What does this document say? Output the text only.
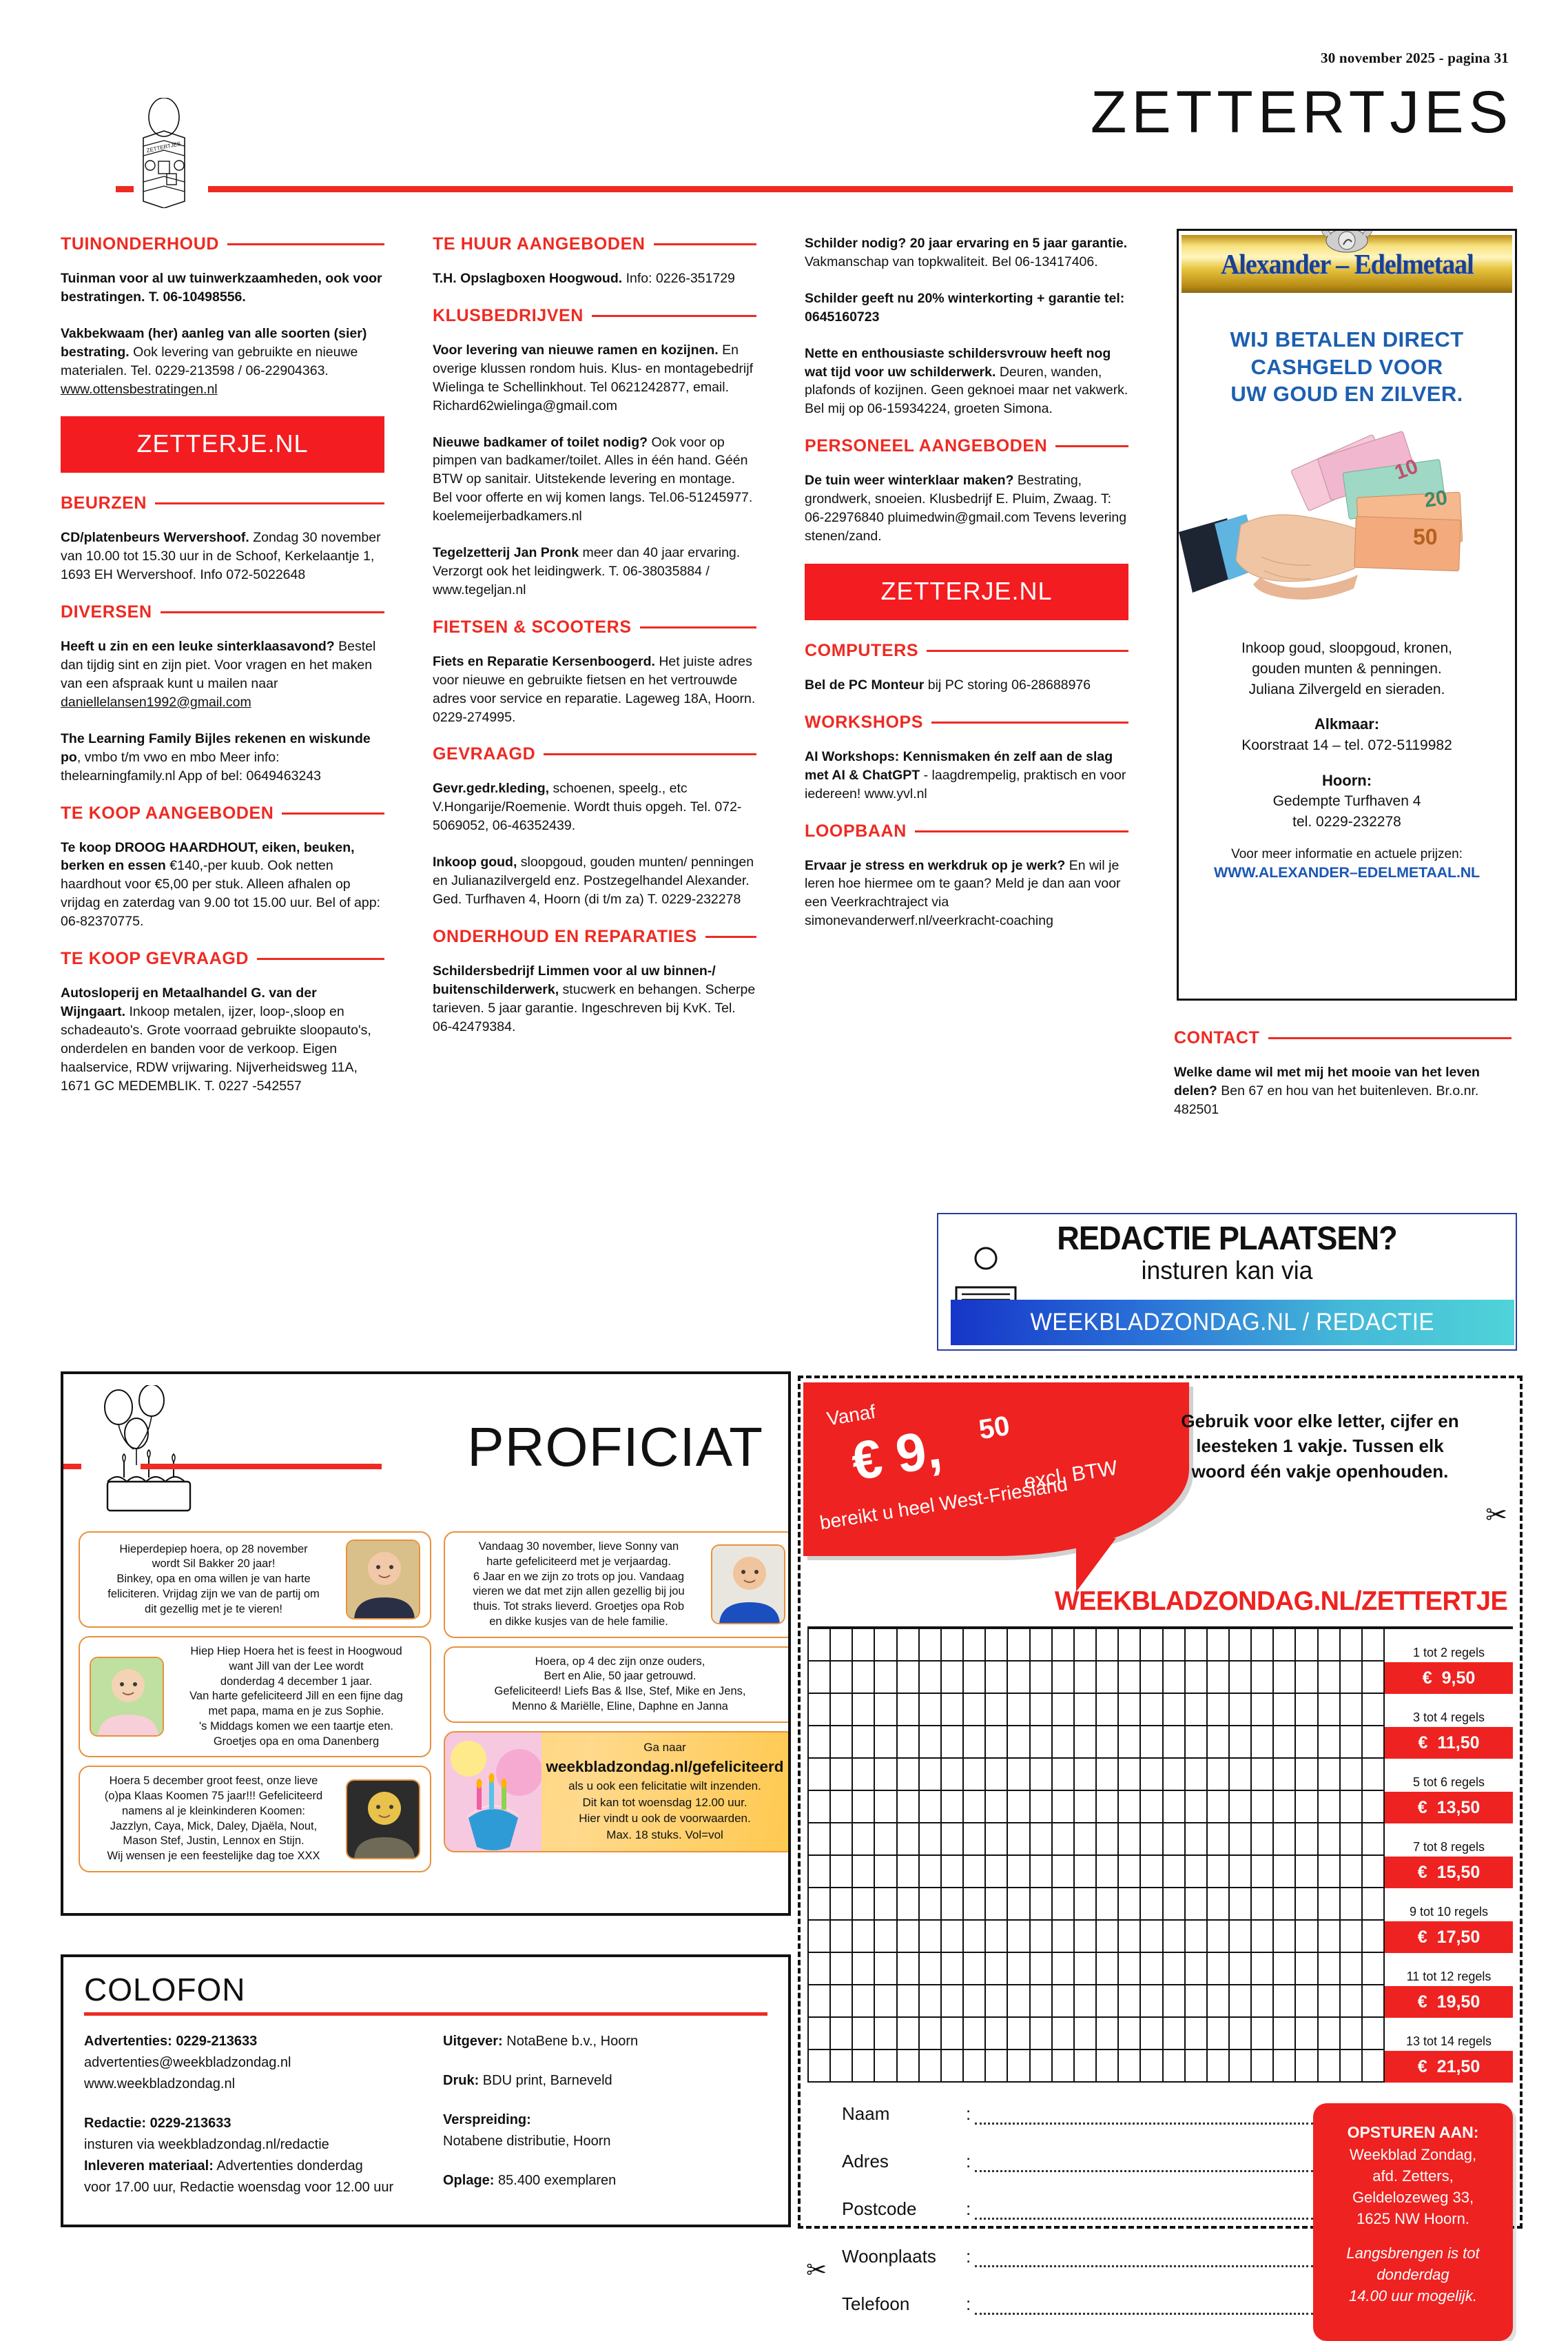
30 november 2025 - pagina 31
ZETTERTJES
ZETTERTJES
TUINONDERHOUD

Tuinman voor al uw tuinwerkzaamheden, ook voor bestratingen. T. 06-10498556.

Vakbekwaam (her) aanleg van alle soorten (sier) bestrating. Ook levering van gebruikte en nieuwe materialen. Tel. 0229-213598 / 06-22904363. www.ottensbestratingen.nl

ZETTERJE.NL
BEURZEN

CD/platenbeurs Wervershoof. Zondag 30 november van 10.00 tot 15.30 uur in de Schoof, Kerkelaantje 1, 1693 EH Wervershoof. Info 072-5022648

DIVERSEN

Heeft u zin en een leuke sinterklaasavond? Bestel dan tijdig sint en zijn piet. Voor vragen en het maken van een afspraak kunt u mailen naar daniellelansen1992@gmail.com

The Learning Family Bijles rekenen en wiskunde po, vmbo t/m vwo en mbo Meer info: thelearningfamily.nl App of bel: 0649463243

TE KOOP AANGEBODEN

Te koop DROOG HAARDHOUT, eiken, beuken, berken en essen €140,-per kuub. Ook netten haardhout voor €5,00 per stuk. Alleen afhalen op vrijdag en zaterdag van 9.00 tot 15.00 uur. Bel of app: 06-82370775.

TE KOOP GEVRAAGD

Autosloperij en Metaalhandel G. van der Wijngaart. Inkoop metalen, ijzer, loop-,sloop en schadeauto's. Grote voorraad gebruikte sloopauto's, onderdelen en banden voor de verkoop. Eigen haalservice, RDW vrijwaring. Nijverheidsweg 11A, 1671 GC MEDEMBLIK. T. 0227 -542557

TE HUUR AANGEBODEN

T.H. Opslagboxen Hoogwoud. Info: 0226-351729

KLUSBEDRIJVEN

Voor levering van nieuwe ramen en kozijnen. En overige klussen rondom huis. Klus- en montagebedrijf Wielinga te Schellinkhout. Tel 0621242877, email. Richard62wielinga@gmail.com

Nieuwe badkamer of toilet nodig? Ook voor op pimpen van badkamer/toilet. Alles in één hand. Géén BTW op sanitair. Uitstekende levering en montage. Bel voor offerte en wij komen langs. Tel.06-51245977. koelemeijerbadkamers.nl

Tegelzetterij Jan Pronk meer dan 40 jaar ervaring. Verzorgt ook het leidingwerk. T. 06-38035884 / www.tegeljan.nl

FIETSEN & SCOOTERS

Fiets en Reparatie Kersenboogerd. Het juiste adres voor nieuwe en gebruikte fietsen en het vertrouwde adres voor service en reparatie. Lageweg 18A, Hoorn. 0229-274995.

GEVRAAGD

Gevr.gedr.kleding, schoenen, speelg., etc V.Hongarije/Roemenie. Wordt thuis opgeh. Tel. 072-5069052, 06-46352439.

Inkoop goud, sloopgoud, gouden munten/ penningen en Julianazilvergeld enz. Postzegelhandel Alexander. Ged. Turfhaven 4, Hoorn (di t/m za) T. 0229-232278

ONDERHOUD EN REPARATIES

Schildersbedrijf Limmen voor al uw binnen-/ buitenschilderwerk, stucwerk en behangen. Scherpe tarieven. 5 jaar garantie. Ingeschreven bij KvK. Tel. 06-42479384.

Schilder nodig? 20 jaar ervaring en 5 jaar garantie. Vakmanschap van topkwaliteit. Bel 06-13417406.

Schilder geeft nu 20% winterkorting + garantie tel: 0645160723

Nette en enthousiaste schildersvrouw heeft nog wat tijd voor uw schilderwerk. Deuren, wanden, plafonds of kozijnen. Geen geknoei maar net vakwerk. Bel mij op 06-15934224, groeten Simona.

PERSONEEL AANGEBODEN

De tuin weer winterklaar maken? Bestrating, grondwerk, snoeien. Klusbedrijf E. Pluim, Zwaag. T: 06-22976840 pluimedwin@gmail.com Tevens levering stenen/zand.

ZETTERJE.NL
COMPUTERS

Bel de PC Monteur bij PC storing 06-28688976

WORKSHOPS

AI Workshops: Kennismaken én zelf aan de slag met AI & ChatGPT - laagdrempelig, praktisch en voor iedereen! www.yvl.nl

LOOPBAAN

Ervaar je stress en werkdruk op je werk? En wil je leren hoe hiermee om te gaan? Meld je dan aan voor een Veerkrachtraject via simonevanderwerf.nl/veerkracht-coaching

CONTACT

Welke dame wil met mij het mooie van het leven delen? Ben 67 en hou van het buitenleven. Br.o.nr. 482501

Alexander – Edelmetaal
WIJ BETALEN DIRECT
CASHGELD VOOR
UW GOUD EN ZILVER.
10
20
50
Inkoop goud, sloopgoud, kronen,
gouden munten & penningen.
Juliana Zilvergeld en sieraden.
Alkmaar:
Koorstraat 14 – tel. 072-5119982
Hoorn:
Gedempte Turfhaven 4
tel. 0229-232278
Voor meer informatie en actuele prijzen:
WWW.ALEXANDER–EDELMETAAL.NL
REDACTIE PLAATSEN?
insturen kan via
WEEKBLADZONDAG.NL / REDACTIE
PROFICIAT
Hieperdepiep hoera, op 28 november
wordt Sil Bakker 20 jaar!
Binkey, opa en oma willen je van harte
feliciteren. Vrijdag zijn we van de partij om
dit gezellig met je te vieren!
Hiep Hiep Hoera het is feest in Hoogwoud
want Jill van der Lee wordt
donderdag 4 december 1 jaar.
Van harte gefeliciteerd Jill en een fijne dag
met papa, mama en je zus Sophie.
's Middags komen we een taartje eten.
Groetjes opa en oma Danenberg
Hoera 5 december groot feest, onze lieve
(o)pa Klaas Koomen 75 jaar!!! Gefeliciteerd
namens al je kleinkinderen Koomen:
Jazzlyn, Caya, Mick, Daley, Djaëla, Nout,
Mason Stef, Justin, Lennox en Stijn.
Wij wensen je een feestelijke dag toe XXX
Vandaag 30 november, lieve Sonny van
harte gefeliciteerd met je verjaardag.
6 Jaar en we zijn zo trots op jou. Vandaag
vieren we dat met zijn allen gezellig bij jou
thuis. Tot straks lieverd. Groetjes opa Rob
en dikke kusjes van de hele familie.
Hoera, op 4 dec zijn onze ouders,
Bert en Alie, 50 jaar getrouwd.
Gefeliciteerd! Liefs Bas & Ilse, Stef, Mike en Jens,
Menno & Mariëlle, Eline, Daphne en Janna
Ga naar weekbladzondag.nl/gefeliciteerd
als u ook een felicitatie wilt inzenden.
Dit kan tot woensdag 12.00 uur.
Hier vindt u ook de voorwaarden.
Max. 18 stuks. Vol=vol
COLOFON
Advertenties: 0229-213633
advertenties@weekbladzondag.nl
www.weekbladzondag.nl
Redactie: 0229-213633
insturen via weekbladzondag.nl/redactie
Inleveren materiaal: Advertenties donderdag
voor 17.00 uur, Redactie woensdag voor 12.00 uur
Uitgever: NotaBene b.v., Hoorn
Druk: BDU print, Barneveld
Verspreiding:
Notabene distributie, Hoorn
Oplage: 85.400 exemplaren
Vanaf
€ 9, 50
excl. BTW
bereikt u heel West-Friesland
Gebruik voor elke letter, cijfer en leesteken 1 vakje. Tussen elk woord één vakje openhouden.
✂
WEEKBLADZONDAG.NL/ZETTERTJE
1 tot 2 regels
€ 9,50
3 tot 4 regels
€ 11,50
5 tot 6 regels
€ 13,50
7 tot 8 regels
€ 15,50
9 tot 10 regels
€ 17,50
11 tot 12 regels
€ 19,50
13 tot 14 regels
€ 21,50
✂
Naam	:
Adres	:
Postcode	:
Woonplaats	:
Telefoon	:
OPSTUREN AAN:
Weekblad Zondag,
afd. Zetters,
Geldelozeweg 33,
1625 NW Hoorn.
Langsbrengen is tot
donderdag
14.00 uur mogelijk.
